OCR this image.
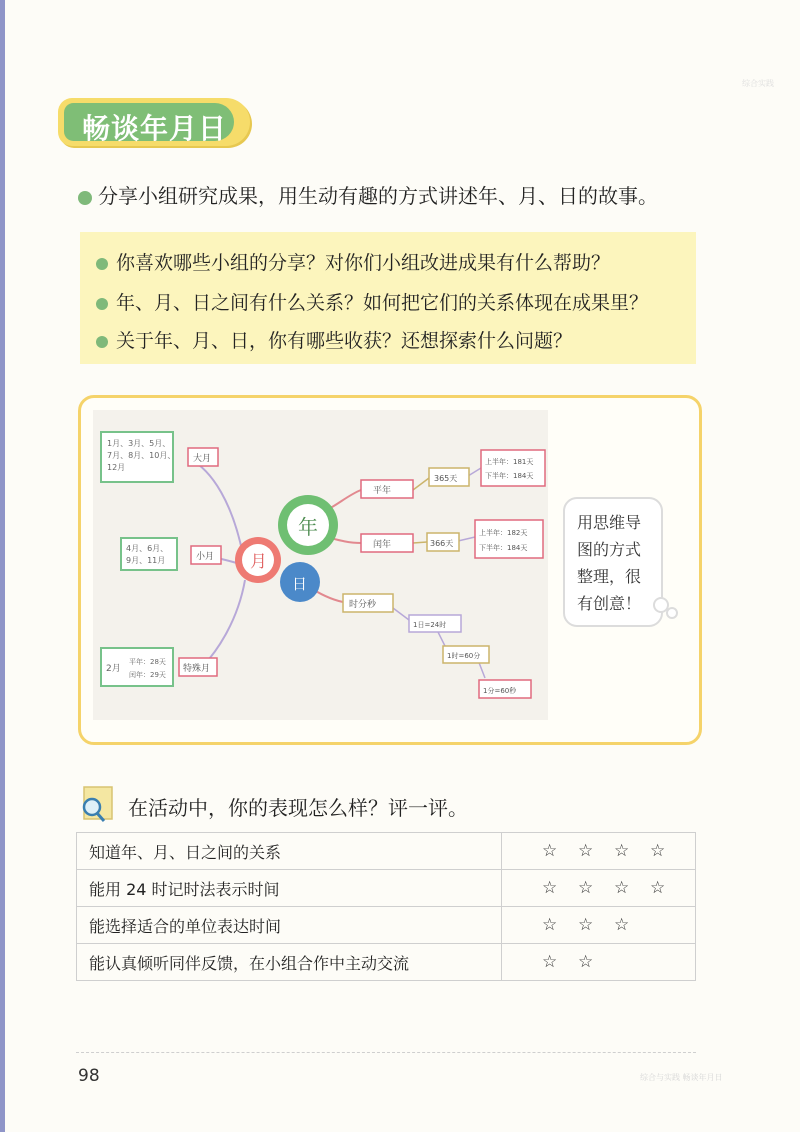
综合实践
畅谈年月日
分享小组研究成果，用生动有趣的方式讲述年、月、日的故事。
你喜欢哪些小组的分享？对你们小组改进成果有什么帮助？
年、月、日之间有什么关系？如何把它们的关系体现在成果里？
关于年、月、日，你有哪些收获？还想探索什么问题？
1月、3月、5月、
7月、8月、10月、
12月
大月
4月、6月、
9月、11月	小月
2月
平年：28天
闰年：29天
特殊月
月
年
日
平年
365天
上半年：181天
下半年：184天
闰年	366天
上半年：182天
下半年：184天
时分秒
1日=24时
1时=60分
1分=60秒
用思维导图的方式整理，很有创意！
在活动中，你的表现怎么样？评一评。
知道年、月、日之间的关系	☆ ☆ ☆ ☆
能用 24 时记时法表示时间	☆ ☆ ☆ ☆
能选择适合的单位表达时间	☆ ☆ ☆
能认真倾听同伴反馈，在小组合作中主动交流	☆ ☆
98	综合与实践 畅谈年月日
